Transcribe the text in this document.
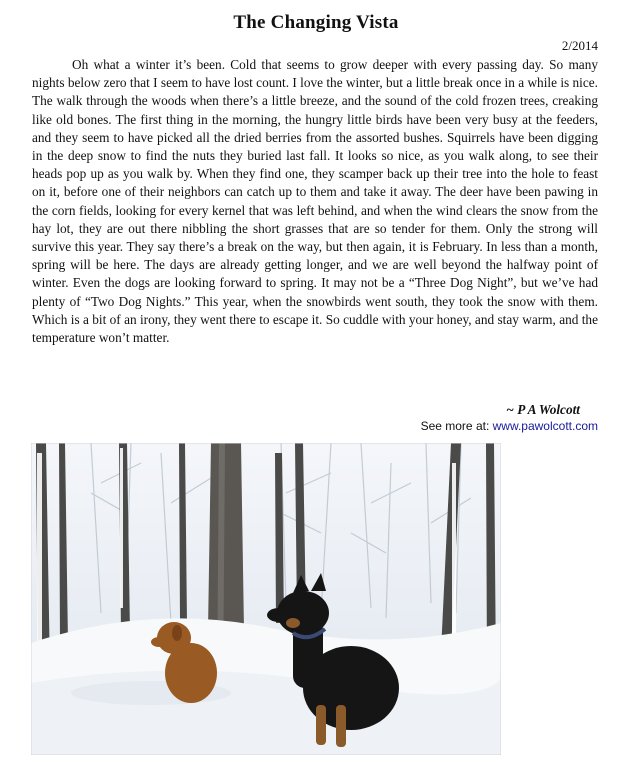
The Changing Vista
2/2014

Oh what a winter it’s been. Cold that seems to grow deeper with every passing day. So many nights below zero that I seem to have lost count. I love the winter, but a little break once in a while is nice. The walk through the woods when there’s a little breeze, and the sound of the cold frozen trees, creaking like old bones. The first thing in the morning, the hungry little birds have been very busy at the feeders, and they seem to have picked all the dried berries from the assorted bushes. Squirrels have been digging in the deep snow to find the nuts they buried last fall. It looks so nice, as you walk along, to see their heads pop up as you walk by. When they find one, they scamper back up their tree into the hole to feast on it, before one of their neighbors can catch up to them and take it away. The deer have been pawing in the corn fields, looking for every kernel that was left behind, and when the wind clears the snow from the hay lot, they are out there nibbling the short grasses that are so tender for them. Only the strong will survive this year. They say there’s a break on the way, but then again, it is February. In less than a month, spring will be here. The days are already getting longer, and we are well beyond the halfway point of winter. Even the dogs are looking forward to spring. It may not be a “Three Dog Night”, but we’ve had plenty of “Two Dog Nights.” This year, when the snowbirds went south, they took the snow with them. Which is a bit of an irony, they went there to escape it. So cuddle with your honey, and stay warm, and the temperature won’t matter.

~ P A Wolcott
See more at: www.pawolcott.com
